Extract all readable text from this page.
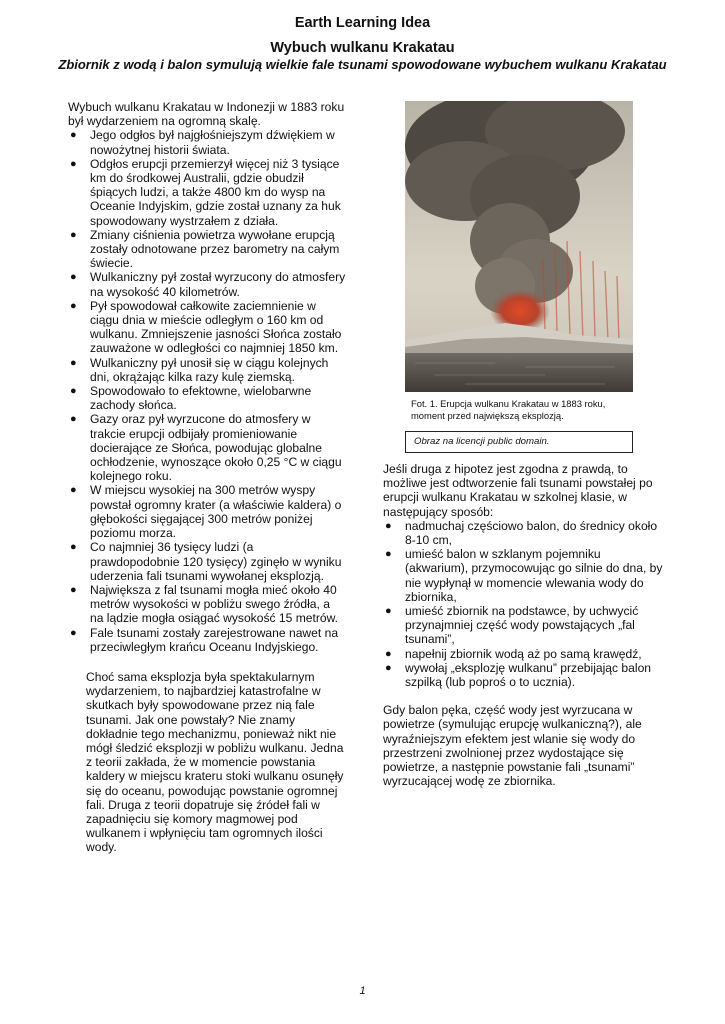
Earth Learning Idea

Wybuch wulkanu Krakatau

Zbiornik z wodą i balon symulują wielkie fale tsunami spowodowane wybuchem wulkanu Krakatau

Wybuch wulkanu Krakatau w Indonezji w 1883 roku był wydarzeniem na ogromną skalę.

● Jego odgłos był najgłośniejszym dźwiękiem w nowożytnej historii świata.
● Odgłos erupcji przemierzył więcej niż 3 tysiące km do środkowej Australii, gdzie obudził śpiących ludzi, a także 4800 km do wysp na Oceanie Indyjskim, gdzie został uznany za huk spowodowany wystrzałem z działa.
● Zmiany ciśnienia powietrza wywołane erupcją zostały odnotowane przez barometry na całym świecie.
● Wulkaniczny pył został wyrzucony do atmosfery na wysokość 40 kilometrów.
● Pył spowodował całkowite zaciemnienie w ciągu dnia w mieście odległym o 160 km od wulkanu. Zmniejszenie jasności Słońca zostało zauważone w odległości co najmniej 1850 km.
● Wulkaniczny pył unosił się w ciągu kolejnych dni, okrążając kilka razy kulę ziemską.
● Spowodowało to efektowne, wielobarwne zachody słońca.
● Gazy oraz pył wyrzucone do atmosfery w trakcie erupcji odbijały promieniowanie docierające ze Słońca, powodując globalne ochłodzenie, wynoszące około 0,25 °C w ciągu kolejnego roku.
● W miejscu wysokiej na 300 metrów wyspy powstał ogromny krater (a właściwie kaldera) o głębokości sięgającej 300 metrów poniżej poziomu morza.
● Co najmniej 36 tysięcy ludzi (a prawdopodobnie 120 tysięcy) zginęło w wyniku uderzenia fali tsunami wywołanej eksplozją.
● Największa z fal tsunami mogła mieć około 40 metrów wysokości w pobliżu swego źródła, a na lądzie mogła osiągać wysokość 15 metrów.
● Fale tsunami zostały zarejestrowane nawet na przeciwległym krańcu Oceanu Indyjskiego.

Choć sama eksplozja była spektakularnym wydarzeniem, to najbardziej katastrofalne w skutkach były spowodowane przez nią fale tsunami. Jak one powstały? Nie znamy dokładnie tego mechanizmu, ponieważ nikt nie mógł śledzić eksplozji w pobliżu wulkanu. Jedna z teorii zakłada, że w momencie powstania kaldery w miejscu krateru stoki wulkanu osunęły się do oceanu, powodując powstanie ogromnej fali. Druga z teorii dopatruje się źródeł fali w zapadnięciu się komory magmowej pod wulkanem i wpłynięciu tam ogromnych ilości wody.

Fot. 1. Erupcja wulkanu Krakatau w 1883 roku, moment przed największą eksplozją.
Obraz na licencji public domain.

Jeśli druga z hipotez jest zgodna z prawdą, to możliwe jest odtworzenie fali tsunami powstałej po erupcji wulkanu Krakatau w szkolnej klasie, w następujący sposób:

● nadmuchaj częściowo balon, do średnicy około 8-10 cm,
● umieść balon w szklanym pojemniku (akwarium), przymocowując go silnie do dna, by nie wypłynął w momencie wlewania wody do zbiornika,
● umieść zbiornik na podstawce, by uchwycić przynajmniej część wody powstających „fal tsunami”,
● napełnij zbiornik wodą aż po samą krawędź,
● wywołaj „eksplozję wulkanu” przebijając balon szpilką (lub poproś o to ucznia).

Gdy balon pęka, część wody jest wyrzucana w powietrze (symulując erupcję wulkaniczną?), ale wyraźniejszym efektem jest wlanie się wody do przestrzeni zwolnionej przez wydostające się powietrze, a następnie powstanie fali „tsunami” wyrzucającej wodę ze zbiornika.

1
